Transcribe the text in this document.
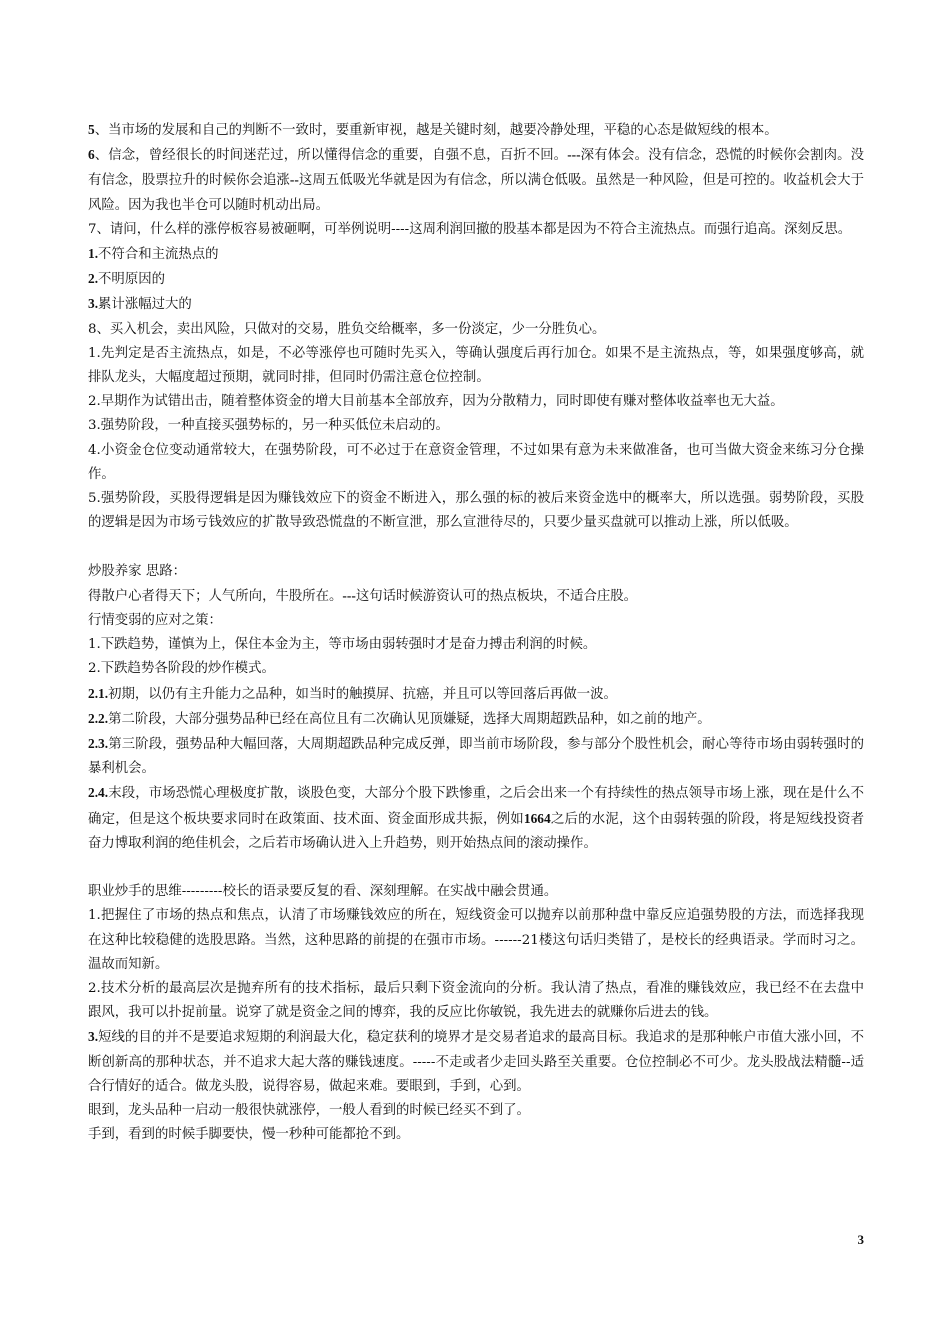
5、当市场的发展和自己的判断不一致时，要重新审视，越是关键时刻，越要冷静处理，平稳的心态是做短线的根本。

6、信念，曾经很长的时间迷茫过，所以懂得信念的重要，自强不息，百折不回。---深有体会。没有信念，恐慌的时候你会割肉。没有信念，股票拉升的时候你会追涨--这周五低吸光华就是因为有信念，所以满仓低吸。虽然是一种风险，但是可控的。收益机会大于风险。因为我也半仓可以随时机动出局。

7、请问，什么样的涨停板容易被砸啊，可举例说明----这周利润回撤的股基本都是因为不符合主流热点。而强行追高。深刻反思。

1.不符合和主流热点的

2.不明原因的

3.累计涨幅过大的

8、买入机会，卖出风险，只做对的交易，胜负交给概率，多一份淡定，少一分胜负心。

1.先判定是否主流热点，如是，不必等涨停也可随时先买入，等确认强度后再行加仓。如果不是主流热点，等，如果强度够高，就排队龙头，大幅度超过预期，就同时排，但同时仍需注意仓位控制。

2.早期作为试错出击，随着整体资金的增大目前基本全部放弃，因为分散精力，同时即使有赚对整体收益率也无大益。

3.强势阶段，一种直接买强势标的，另一种买低位未启动的。

4.小资金仓位变动通常较大，在强势阶段，可不必过于在意资金管理，不过如果有意为未来做准备，也可当做大资金来练习分仓操作。

5.强势阶段，买股得逻辑是因为赚钱效应下的资金不断进入，那么强的标的被后来资金选中的概率大，所以选强。弱势阶段，买股的逻辑是因为市场亏钱效应的扩散导致恐慌盘的不断宣泄，那么宣泄待尽的，只要少量买盘就可以推动上涨，所以低吸。

炒股养家 思路：

得散户心者得天下；人气所向，牛股所在。---这句话时候游资认可的热点板块，不适合庄股。

行情变弱的应对之策：

1.下跌趋势，谨慎为上，保住本金为主，等市场由弱转强时才是奋力搏击利润的时候。

2.下跌趋势各阶段的炒作模式。

2.1.初期，以仍有主升能力之品种，如当时的触摸屏、抗癌，并且可以等回落后再做一波。

2.2.第二阶段，大部分强势品种已经在高位且有二次确认见顶嫌疑，选择大周期超跌品种，如之前的地产。

2.3.第三阶段，强势品种大幅回落，大周期超跌品种完成反弹，即当前市场阶段，参与部分个股性机会，耐心等待市场由弱转强时的暴利机会。

2.4.末段，市场恐慌心理极度扩散，谈股色变，大部分个股下跌惨重，之后会出来一个有持续性的热点领导市场上涨，现在是什么不确定，但是这个板块要求同时在政策面、技术面、资金面形成共振，例如1664之后的水泥，这个由弱转强的阶段，将是短线投资者奋力博取利润的绝佳机会，之后若市场确认进入上升趋势，则开始热点间的滚动操作。

职业炒手的思维---------校长的语录要反复的看、深刻理解。在实战中融会贯通。

1.把握住了市场的热点和焦点，认清了市场赚钱效应的所在，短线资金可以抛弃以前那种盘中靠反应追强势股的方法，而选择我现在这种比较稳健的选股思路。当然，这种思路的前提的在强市市场。------21楼这句话归类错了，是校长的经典语录。学而时习之。温故而知新。

2.技术分析的最高层次是抛弃所有的技术指标，最后只剩下资金流向的分析。我认清了热点，看准的赚钱效应，我已经不在去盘中跟风，我可以扑捉前量。说穿了就是资金之间的博弈，我的反应比你敏锐，我先进去的就赚你后进去的钱。

3.短线的目的并不是要追求短期的利润最大化，稳定获利的境界才是交易者追求的最高目标。我追求的是那种帐户市值大涨小回，不断创新高的那种状态，并不追求大起大落的赚钱速度。-----不走或者少走回头路至关重要。仓位控制必不可少。龙头股战法精髓--适合行情好的适合。做龙头股，说得容易，做起来难。要眼到，手到，心到。

眼到，龙头品种一启动一般很快就涨停，一般人看到的时候已经买不到了。

手到，看到的时候手脚要快，慢一秒种可能都抢不到。

3
